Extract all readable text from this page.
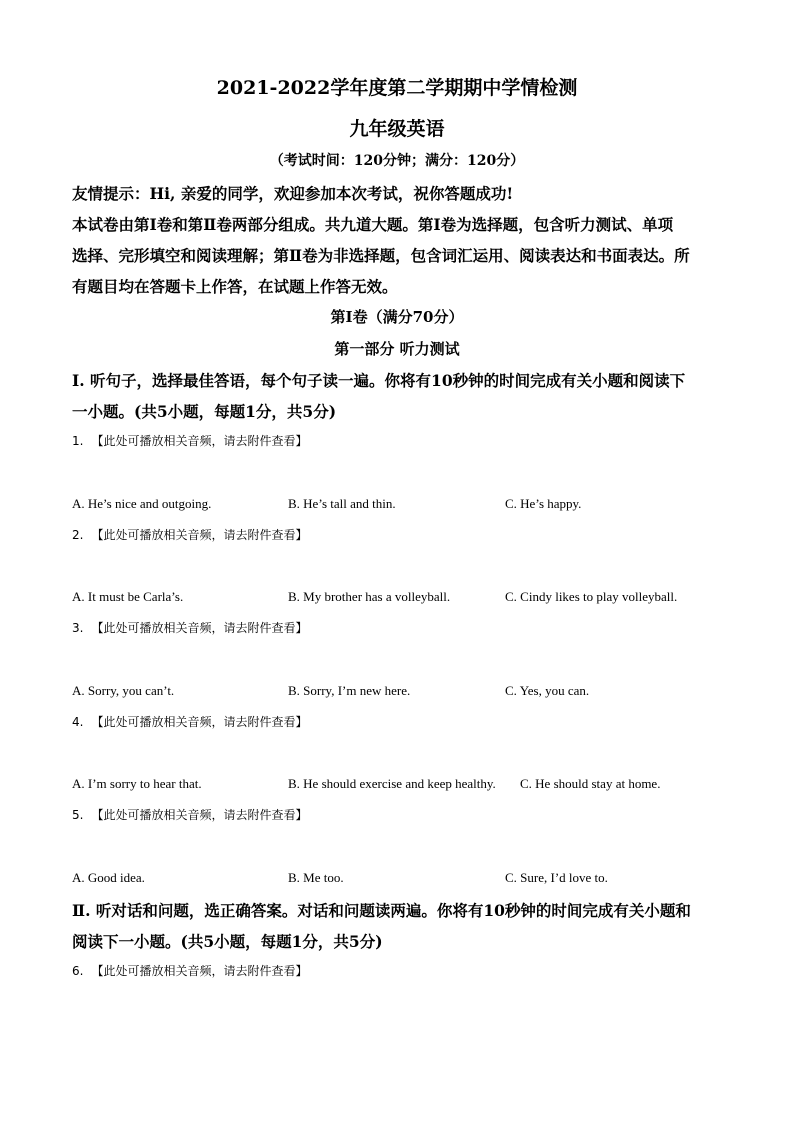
2021-2022学年度第二学期期中学情检测
九年级英语
（考试时间：120分钟；满分：120分）
友情提示：Hi, 亲爱的同学，欢迎参加本次考试，祝你答题成功!
本试卷由第Ⅰ卷和第Ⅱ卷两部分组成。共九道大题。第Ⅰ卷为选择题，包含听力测试、单项
选择、完形填空和阅读理解；第Ⅱ卷为非选择题，包含词汇运用、阅读表达和书面表达。所
有题目均在答题卡上作答，在试题上作答无效。
第Ⅰ卷（满分70分）
第一部分 听力测试
Ⅰ. 听句子，选择最佳答语，每个句子读一遍。你将有10秒钟的时间完成有关小题和阅读下
一小题。(共5小题，每题1分，共5分)
1. 【此处可播放相关音频，请去附件查看】
A. He’s nice and outgoing.	B. He’s tall and thin.	C. He’s happy.
2. 【此处可播放相关音频，请去附件查看】
A. It must be Carla’s.	B. My brother has a volleyball.	C. Cindy likes to play volleyball.
3. 【此处可播放相关音频，请去附件查看】
A. Sorry, you can’t.	B. Sorry, I’m new here.	C. Yes, you can.
4. 【此处可播放相关音频，请去附件查看】
A. I’m sorry to hear that.	B. He should exercise and keep healthy. C. He should stay at home.
5. 【此处可播放相关音频，请去附件查看】
A. Good idea.	B. Me too.	C. Sure, I’d love to.
Ⅱ. 听对话和问题，选正确答案。对话和问题读两遍。你将有10秒钟的时间完成有关小题和
阅读下一小题。(共5小题，每题1分，共5分)
6. 【此处可播放相关音频，请去附件查看】
